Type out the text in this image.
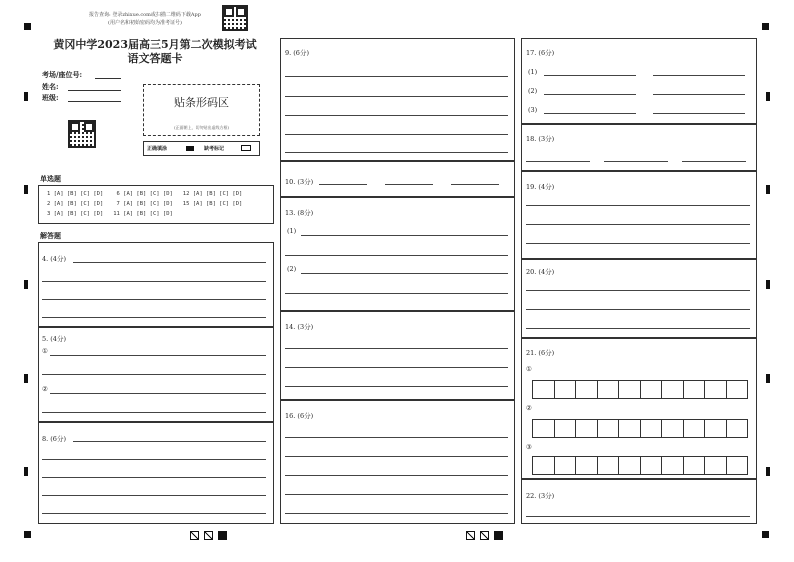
报告查询: 登录zhixue.com或扫描二维码下载App
(用户名和初始密码均为准考证号)
黄冈中学2023届高三5月第二次模拟考试
语文答题卡
考场/座位号:
姓名:
班级:	贴条形码区
(正面朝上，切勿贴出虚线方框)
正确填涂	缺考标记
单选题
1 [A] [B] [C] [D]    6 [A] [B] [C] [D]   12 [A] [B] [C] [D]
2 [A] [B] [C] [D]    7 [A] [B] [C] [D]   15 [A] [B] [C] [D]
3 [A] [B] [C] [D]   11 [A] [B] [C] [D]
解答题
4. (4分)
5. (4分)
①
②
8. (6分)
9. (6分)
10. (3分)
13. (8分)
(1)
(2)
14. (3分)
16. (6分)
17. (6分)
(1)
(2)
(3)
18. (3分)
19. (4分)
20. (4分)
21. (6分)
①
②
③
22. (3分)
